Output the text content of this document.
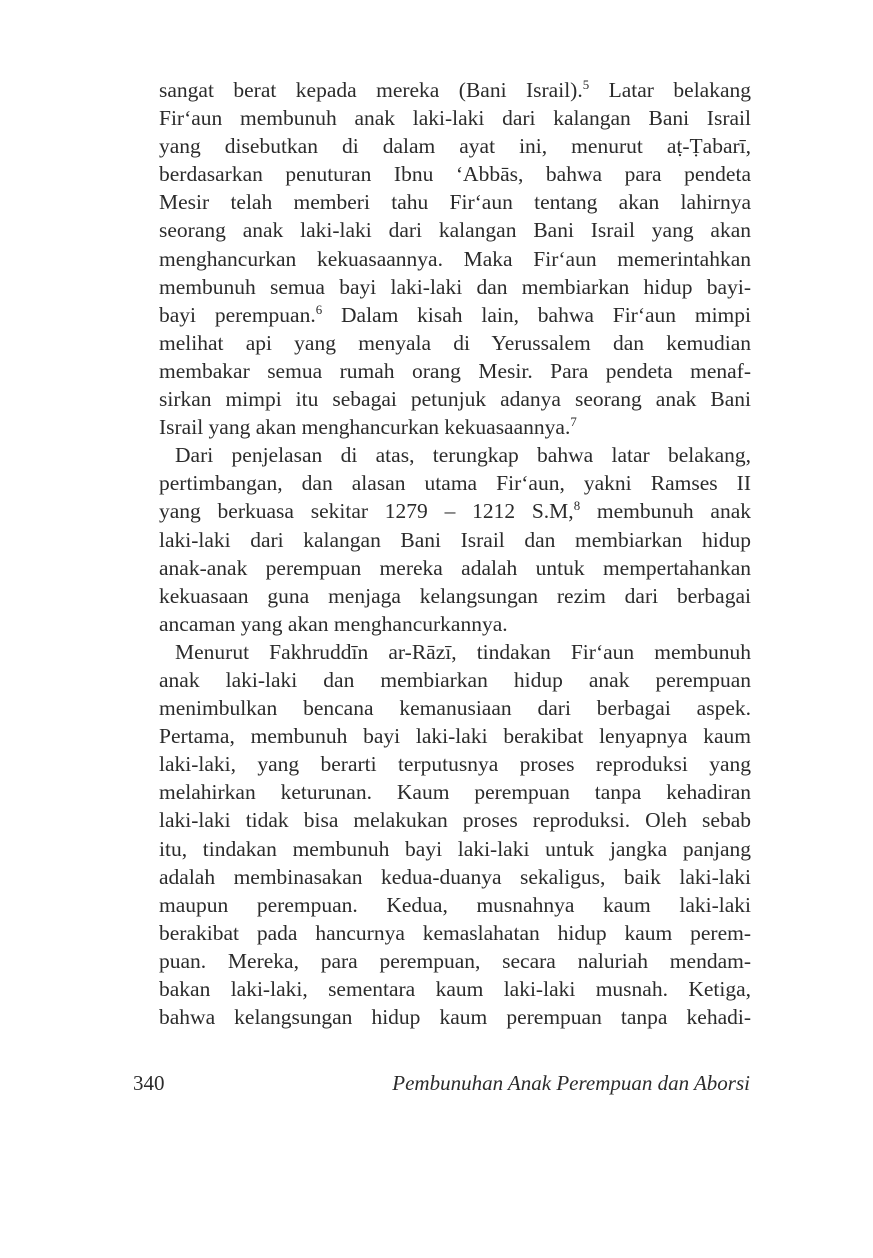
sangat berat kepada mereka (Bani Israil).$^5$ Latar belakang
Fir‘aun membunuh anak laki-laki dari kalangan Bani Israil
yang disebutkan di dalam ayat ini, menurut aṭ-Ṭabarī,
berdasarkan penuturan Ibnu ‘Abbās, bahwa para pendeta
Mesir telah memberi tahu Fir‘aun tentang akan lahirnya
seorang anak laki-laki dari kalangan Bani Israil yang akan
menghancurkan kekuasaannya. Maka Fir‘aun memerintahkan
membunuh semua bayi laki-laki dan membiarkan hidup bayi-
bayi perempuan.$^6$ Dalam kisah lain, bahwa Fir‘aun mimpi
melihat api yang menyala di Yerussalem dan kemudian
membakar semua rumah orang Mesir. Para pendeta menaf-
sirkan mimpi itu sebagai petunjuk adanya seorang anak Bani
Israil yang akan menghancurkan kekuasaannya.$^7$
Dari penjelasan di atas, terungkap bahwa latar belakang,
pertimbangan, dan alasan utama Fir‘aun, yakni Ramses II
yang berkuasa sekitar 1279 – 1212 S.M,$^8$ membunuh anak
laki-laki dari kalangan Bani Israil dan membiarkan hidup
anak-anak perempuan mereka adalah untuk mempertahankan
kekuasaan guna menjaga kelangsungan rezim dari berbagai
ancaman yang akan menghancurkannya.
Menurut Fakhruddīn ar-Rāzī, tindakan Fir‘aun membunuh
anak laki-laki dan membiarkan hidup anak perempuan
menimbulkan bencana kemanusiaan dari berbagai aspek.
Pertama, membunuh bayi laki-laki berakibat lenyapnya kaum
laki-laki, yang berarti terputusnya proses reproduksi yang
melahirkan keturunan. Kaum perempuan tanpa kehadiran
laki-laki tidak bisa melakukan proses reproduksi. Oleh sebab
itu, tindakan membunuh bayi laki-laki untuk jangka panjang
adalah membinasakan kedua-duanya sekaligus, baik laki-laki
maupun perempuan. Kedua, musnahnya kaum laki-laki
berakibat pada hancurnya kemaslahatan hidup kaum perem-
puan. Mereka, para perempuan, secara naluriah mendam-
bakan laki-laki, sementara kaum laki-laki musnah. Ketiga,
bahwa kelangsungan hidup kaum perempuan tanpa kehadi-
340	Pembunuhan Anak Perempuan dan Aborsi
